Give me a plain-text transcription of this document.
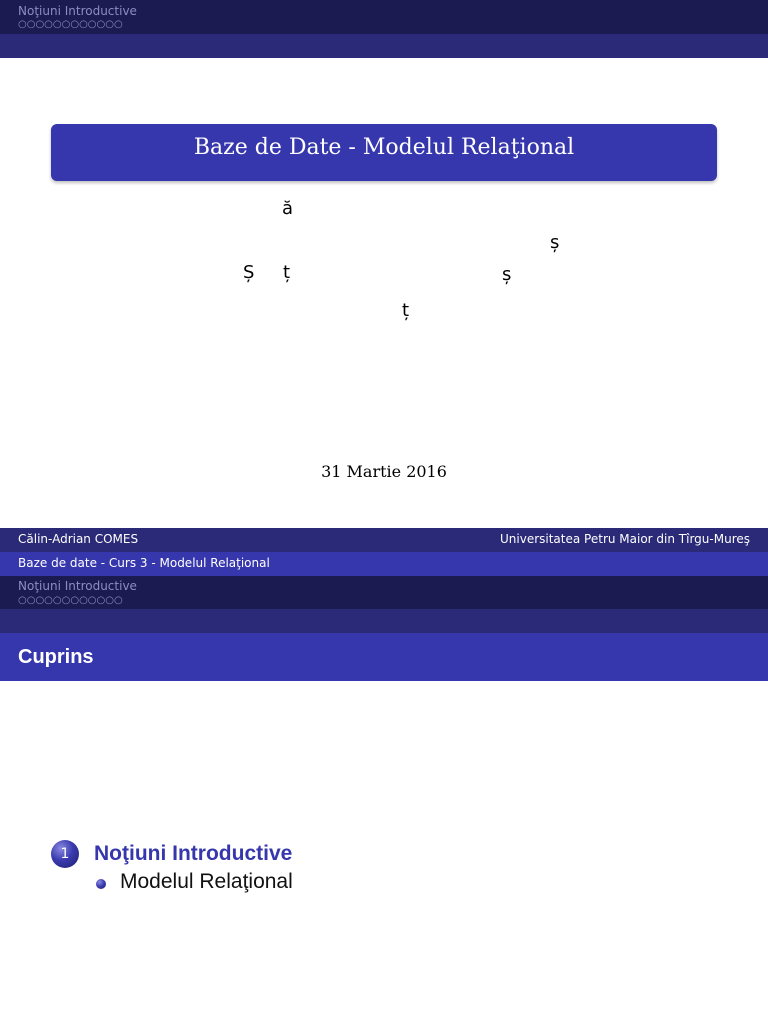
Noţiuni Introductive
○○○○○○○○○○○○
Baze de Date - Modelul Relaţional
ă
ș
Ș ț	ș
ț
31 Martie 2016
Călin-Adrian COMES	Universitatea Petru Maior din Tîrgu-Mureş
Baze de date - Curs 3 - Modelul Relaţional
Noţiuni Introductive
○○○○○○○○○○○○
Cuprins
1	Noţiuni Introductive
Modelul Relaţional
